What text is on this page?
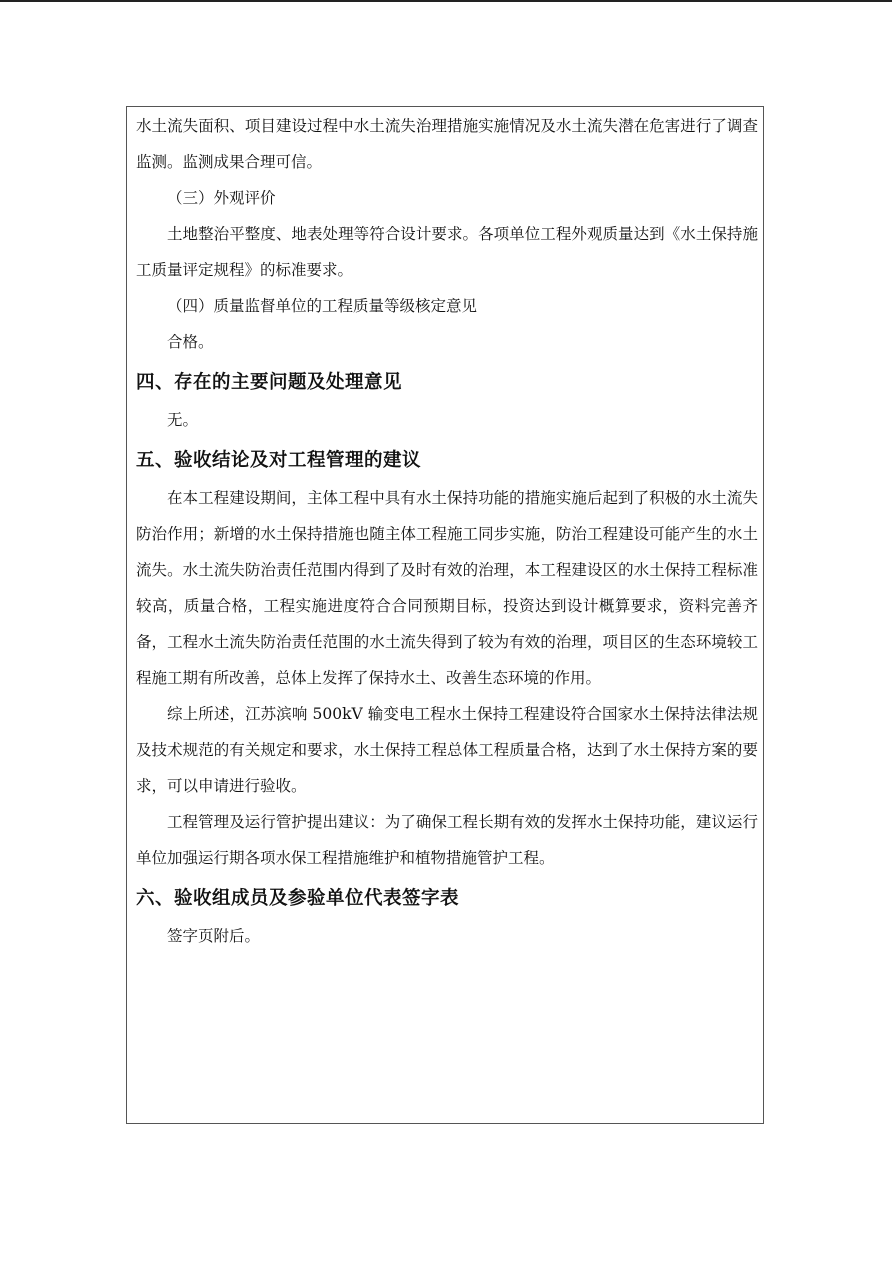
水土流失面积、项目建设过程中水土流失治理措施实施情况及水土流失潜在危害进行了调查监测。监测成果合理可信。

（三）外观评价

土地整治平整度、地表处理等符合设计要求。各项单位工程外观质量达到《水土保持施工质量评定规程》的标准要求。

（四）质量监督单位的工程质量等级核定意见

合格。

四、存在的主要问题及处理意见

无。

五、验收结论及对工程管理的建议

在本工程建设期间，主体工程中具有水土保持功能的措施实施后起到了积极的水土流失防治作用；新增的水土保持措施也随主体工程施工同步实施，防治工程建设可能产生的水土流失。水土流失防治责任范围内得到了及时有效的治理，本工程建设区的水土保持工程标准较高，质量合格，工程实施进度符合合同预期目标，投资达到设计概算要求，资料完善齐备，工程水土流失防治责任范围的水土流失得到了较为有效的治理，项目区的生态环境较工程施工期有所改善，总体上发挥了保持水土、改善生态环境的作用。

综上所述，江苏滨响 500kV 输变电工程水土保持工程建设符合国家水土保持法律法规及技术规范的有关规定和要求，水土保持工程总体工程质量合格，达到了水土保持方案的要求，可以申请进行验收。

工程管理及运行管护提出建议：为了确保工程长期有效的发挥水土保持功能，建议运行单位加强运行期各项水保工程措施维护和植物措施管护工程。

六、验收组成员及参验单位代表签字表

签字页附后。
